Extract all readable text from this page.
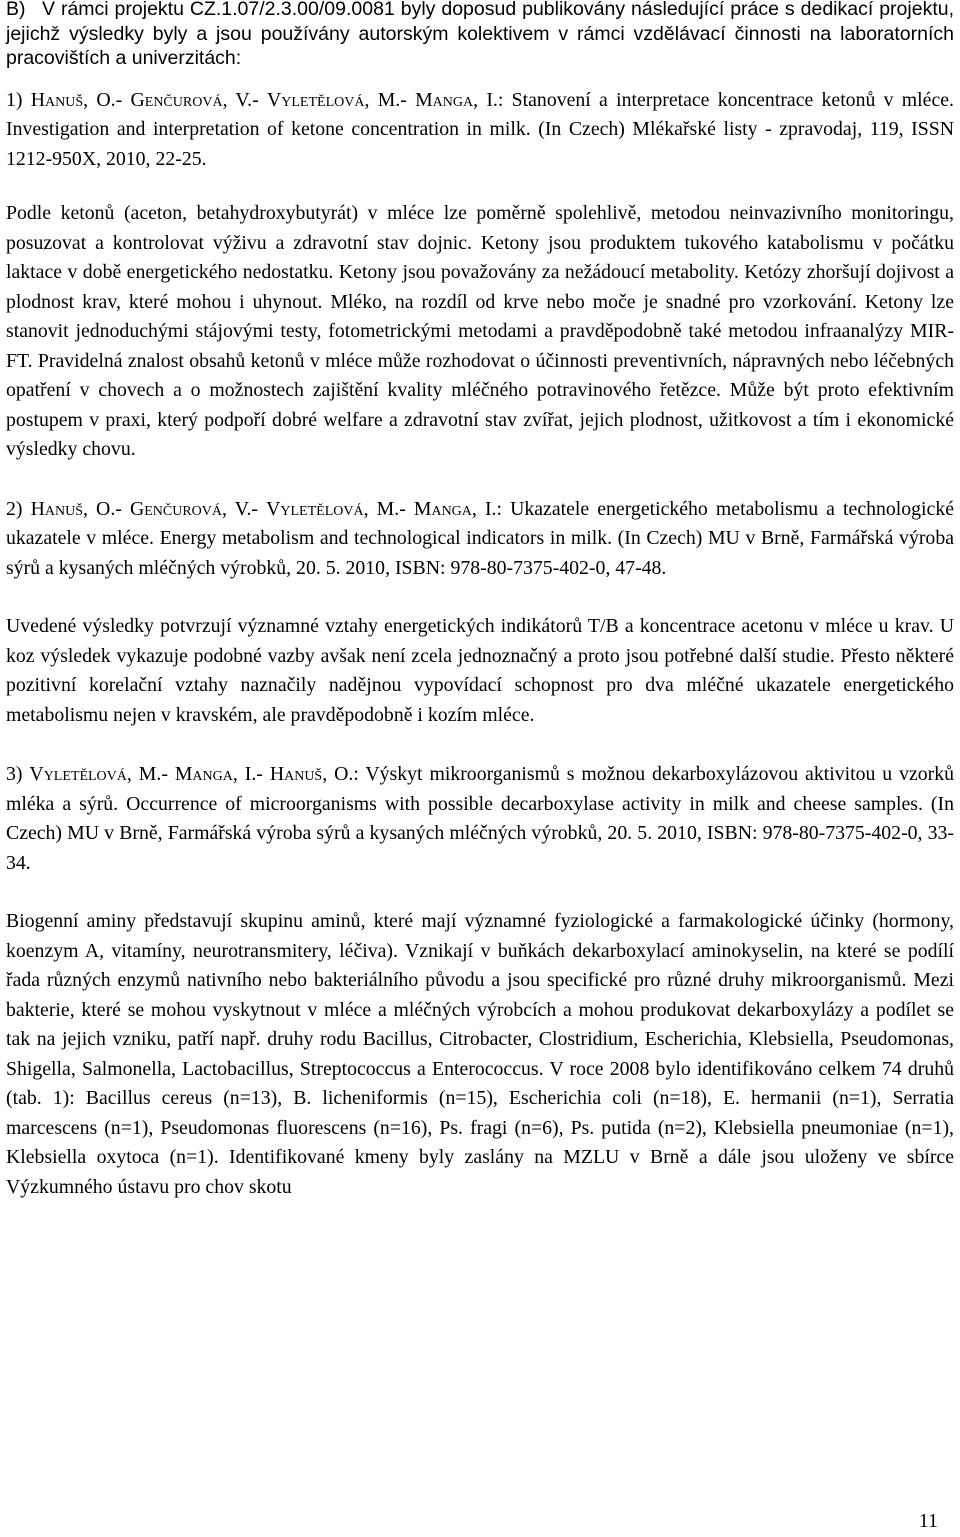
B) V rámci projektu CZ.1.07/2.3.00/09.0081 byly doposud publikovány následující práce s dedikací projektu, jejichž výsledky byly a jsou používány autorským kolektivem v rámci vzdělávací činnosti na laboratorních pracovištích a univerzitách:

1) Hanuš, O.- Genčurová, V.- Vyletělová, M.- Manga, I.: Stanovení a interpretace koncentrace ketonů v mléce. Investigation and interpretation of ketone concentration in milk. (In Czech) Mlékařské listy - zpravodaj, 119, ISSN 1212-950X, 2010, 22-25.

Podle ketonů (aceton, betahydroxybutyrát) v mléce lze poměrně spolehlivě, metodou neinvazivního monitoringu, posuzovat a kontrolovat výživu a zdravotní stav dojnic. Ketony jsou produktem tukového katabolismu v počátku laktace v době energetického nedostatku. Ketony jsou považovány za nežádoucí metabolity. Ketózy zhoršují dojivost a plodnost krav, které mohou i uhynout. Mléko, na rozdíl od krve nebo moče je snadné pro vzorkování. Ketony lze stanovit jednoduchými stájovými testy, fotometrickými metodami a pravděpodobně také metodou infraanalýzy MIR-FT. Pravidelná znalost obsahů ketonů v mléce může rozhodovat o účinnosti preventivních, nápravných nebo léčebných opatření v chovech a o možnostech zajištění kvality mléčného potravinového řetězce. Může být proto efektivním postupem v praxi, který podpoří dobré welfare a zdravotní stav zvířat, jejich plodnost, užitkovost a tím i ekonomické výsledky chovu.

2) Hanuš, O.- Genčurová, V.- Vyletělová, M.- Manga, I.: Ukazatele energetického metabolismu a technologické ukazatele v mléce. Energy metabolism and technological indicators in milk. (In Czech) MU v Brně, Farmářská výroba sýrů a kysaných mléčných výrobků, 20. 5. 2010, ISBN: 978-80-7375-402-0, 47-48.

Uvedené výsledky potvrzují významné vztahy energetických indikátorů T/B a koncentrace acetonu v mléce u krav. U koz výsledek vykazuje podobné vazby avšak není zcela jednoznačný a proto jsou potřebné další studie. Přesto některé pozitivní korelační vztahy naznačily nadějnou vypovídací schopnost pro dva mléčné ukazatele energetického metabolismu nejen v kravském, ale pravděpodobně i kozím mléce.

3) Vyletělová, M.- Manga, I.- Hanuš, O.: Výskyt mikroorganismů s možnou dekarboxylázovou aktivitou u vzorků mléka a sýrů. Occurrence of microorganisms with possible decarboxylase activity in milk and cheese samples. (In Czech) MU v Brně, Farmářská výroba sýrů a kysaných mléčných výrobků, 20. 5. 2010, ISBN: 978-80-7375-402-0, 33-34.

Biogenní aminy představují skupinu aminů, které mají významné fyziologické a farmakologické účinky (hormony, koenzym A, vitamíny, neurotransmitery, léčiva). Vznikají v buňkách dekarboxylací aminokyselin, na které se podílí řada různých enzymů nativního nebo bakteriálního původu a jsou specifické pro různé druhy mikroorganismů. Mezi bakterie, které se mohou vyskytnout v mléce a mléčných výrobcích a mohou produkovat dekarboxylázy a podílet se tak na jejich vzniku, patří např. druhy rodu Bacillus, Citrobacter, Clostridium, Escherichia, Klebsiella, Pseudomonas, Shigella, Salmonella, Lactobacillus, Streptococcus a Enterococcus. V roce 2008 bylo identifikováno celkem 74 druhů (tab. 1): Bacillus cereus (n=13), B. licheniformis (n=15), Escherichia coli (n=18), E. hermanii (n=1), Serratia marcescens (n=1), Pseudomonas fluorescens (n=16), Ps. fragi (n=6), Ps. putida (n=2), Klebsiella pneumoniae (n=1), Klebsiella oxytoca (n=1). Identifikované kmeny byly zaslány na MZLU v Brně a dále jsou uloženy ve sbírce Výzkumného ústavu pro chov skotu

11
